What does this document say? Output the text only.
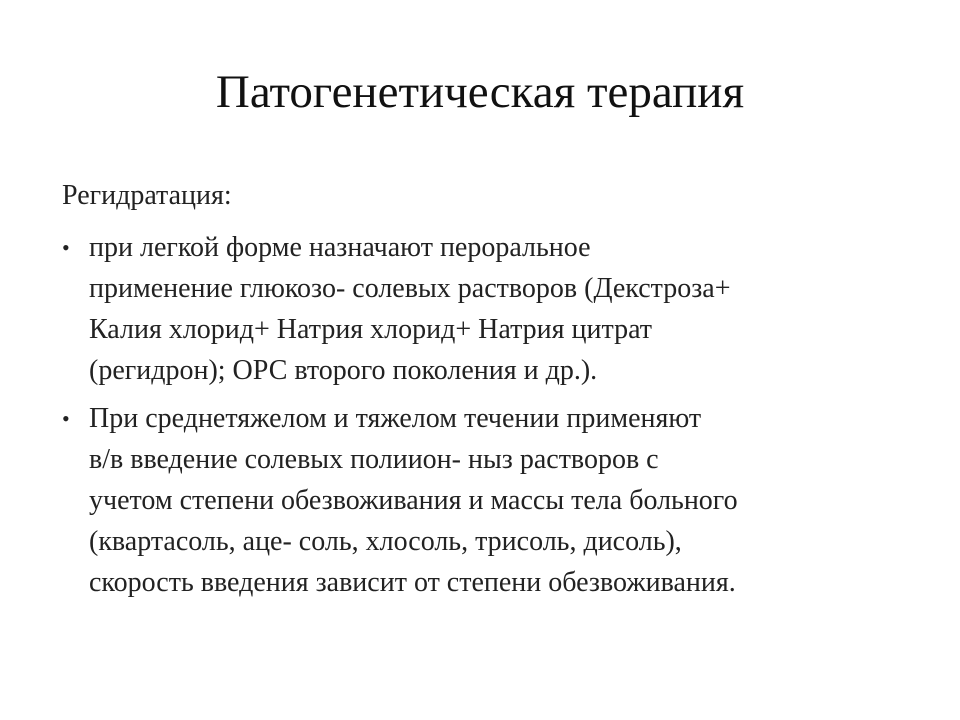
Патогенетическая терапия

Регидратация:

• при легкой форме назначают пероральное
применение глюкозо- солевых растворов (Декстроза+
Калия хлорид+ Натрия хлорид+ Натрия цитрат
(регидрон); ОРС второго поколения и др.).
• При среднетяжелом и тяжелом течении применяют
в/в введение солевых полиион- ныз растворов с
учетом степени обезвоживания и массы тела больного
(квартасоль, аце- соль, хлосоль, трисоль, дисоль),
скорость введения зависит от степени обезвоживания.
